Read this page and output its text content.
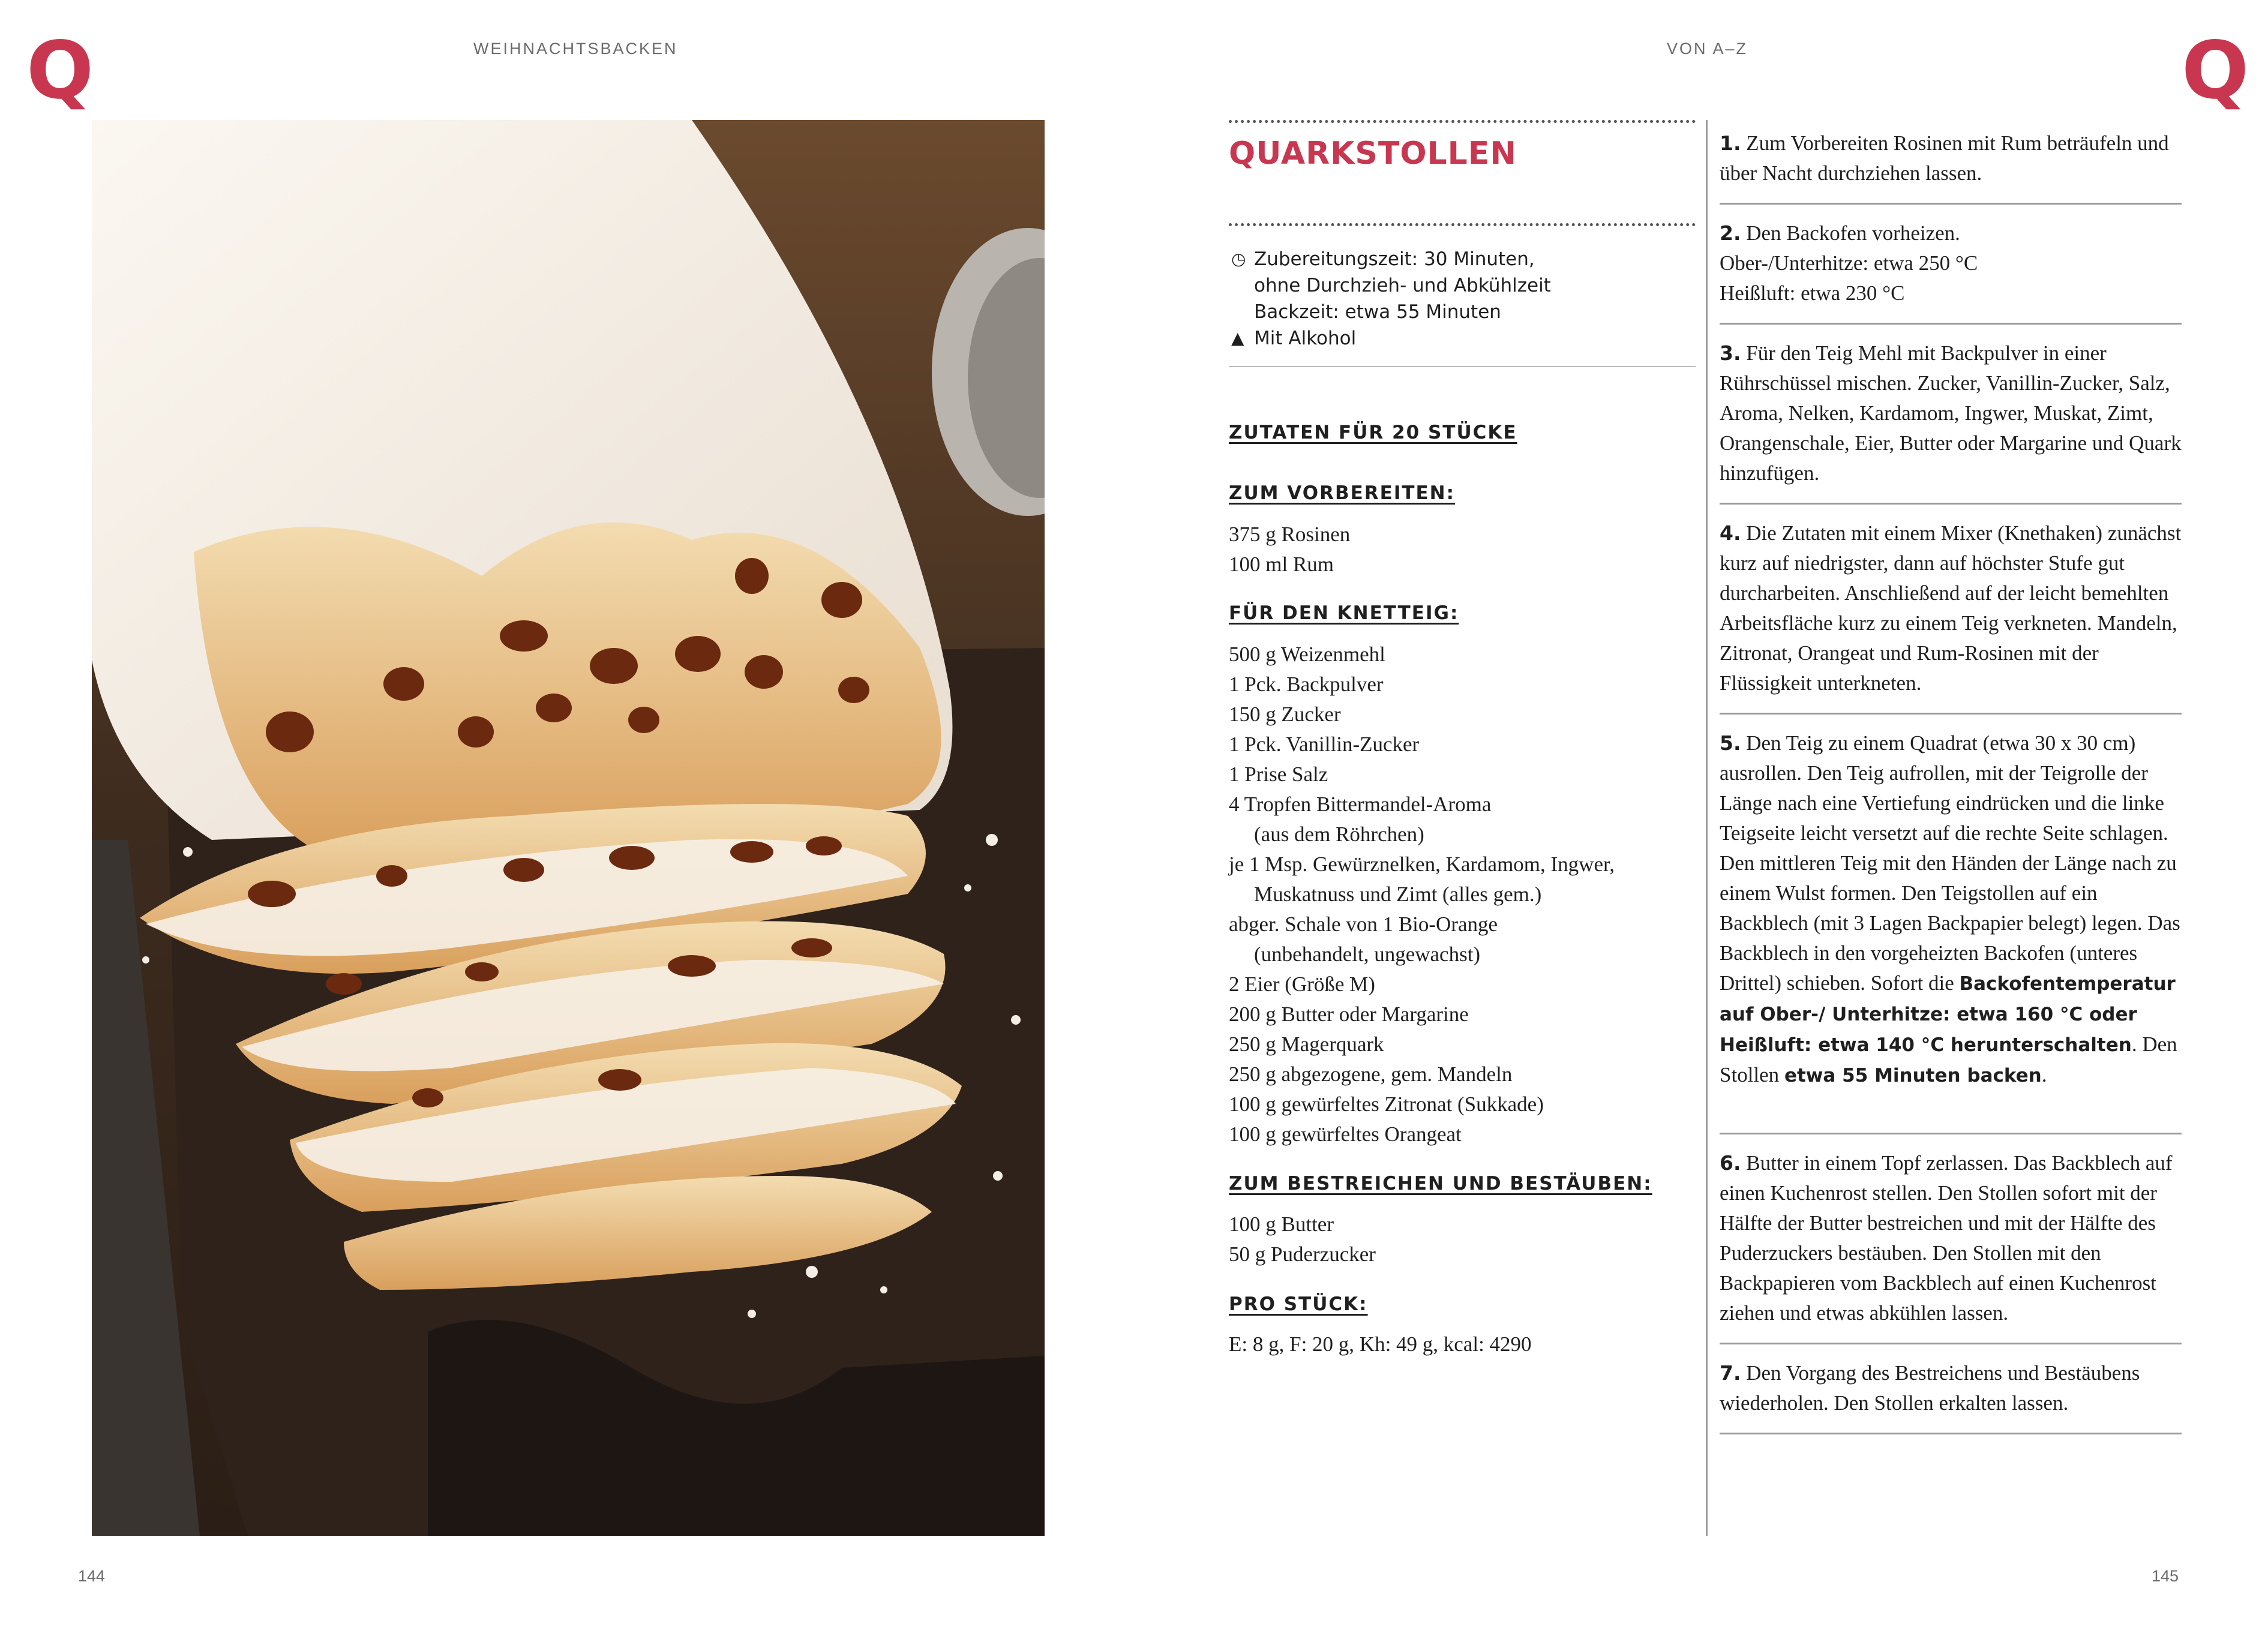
Q	WEIHNACHTSBACKEN	VON A–Z	Q
QUARKSTOLLEN
◷ Zubereitungszeit: 30 Minuten,
ohne Durchzieh- und Abkühlzeit
Backzeit: etwa 55 Minuten
▲ Mit Alkohol
ZUTATEN FÜR 20 STÜCKE
ZUM VORBEREITEN:
375 g Rosinen
100 ml Rum
FÜR DEN KNETTEIG:
500 g Weizenmehl
1 Pck. Backpulver
150 g Zucker
1 Pck. Vanillin-Zucker
1 Prise Salz
4 Tropfen Bittermandel-Aroma
(aus dem Röhrchen)
je 1 Msp. Gewürznelken, Kardamom, Ingwer,
Muskatnuss und Zimt (alles gem.)
abger. Schale von 1 Bio-Orange
(unbehandelt, ungewachst)
2 Eier (Größe M)
200 g Butter oder Margarine
250 g Magerquark
250 g abgezogene, gem. Mandeln
100 g gewürfeltes Zitronat (Sukkade)
100 g gewürfeltes Orangeat
ZUM BESTREICHEN UND BESTÄUBEN:
100 g Butter
50 g Puderzucker
PRO STÜCK:
E: 8 g, F: 20 g, Kh: 49 g, kcal: 4290
1. Zum Vorbereiten Rosinen mit Rum beträufeln und über Nacht durchziehen lassen.
2. Den Backofen vorheizen.
Ober-/Unterhitze: etwa 250 °C
Heißluft: etwa 230 °C
3. Für den Teig Mehl mit Backpulver in einer Rührschüssel mischen. Zucker, Vanillin-Zucker, Salz, Aroma, Nelken, Kardamom, Ingwer, Muskat, Zimt, Orangenschale, Eier, Butter oder Margarine und Quark hinzufügen.
4. Die Zutaten mit einem Mixer (Knethaken) zunächst kurz auf niedrigster, dann auf höchster Stufe gut durcharbeiten. Anschließend auf der leicht bemehlten Arbeitsfläche kurz zu einem Teig verkneten. Mandeln, Zitronat, Orangeat und Rum-Rosinen mit der Flüssigkeit unterkneten.
5. Den Teig zu einem Quadrat (etwa 30 x 30 cm) ausrollen. Den Teig aufrollen, mit der Teigrolle der Länge nach eine Vertiefung eindrücken und die linke Teigseite leicht versetzt auf die rechte Seite schlagen. Den mittleren Teig mit den Händen der Länge nach zu einem Wulst formen. Den Teigstollen auf ein Backblech (mit 3 Lagen Backpapier belegt) legen. Das Backblech in den vorgeheizten Backofen (unteres Drittel) schieben. Sofort die Backofentemperatur auf Ober-/ Unterhitze: etwa 160 °C oder Heißluft: etwa 140 °C herunterschalten. Den Stollen etwa 55 Minuten backen.
6. Butter in einem Topf zerlassen. Das Backblech auf einen Kuchenrost stellen. Den Stollen sofort mit der Hälfte der Butter bestreichen und mit der Hälfte des Puderzuckers bestäuben. Den Stollen mit den Backpapieren vom Backblech auf einen Kuchenrost ziehen und etwas abkühlen lassen.
7. Den Vorgang des Bestreichens und Bestäubens wiederholen. Den Stollen erkalten lassen.
144	145
